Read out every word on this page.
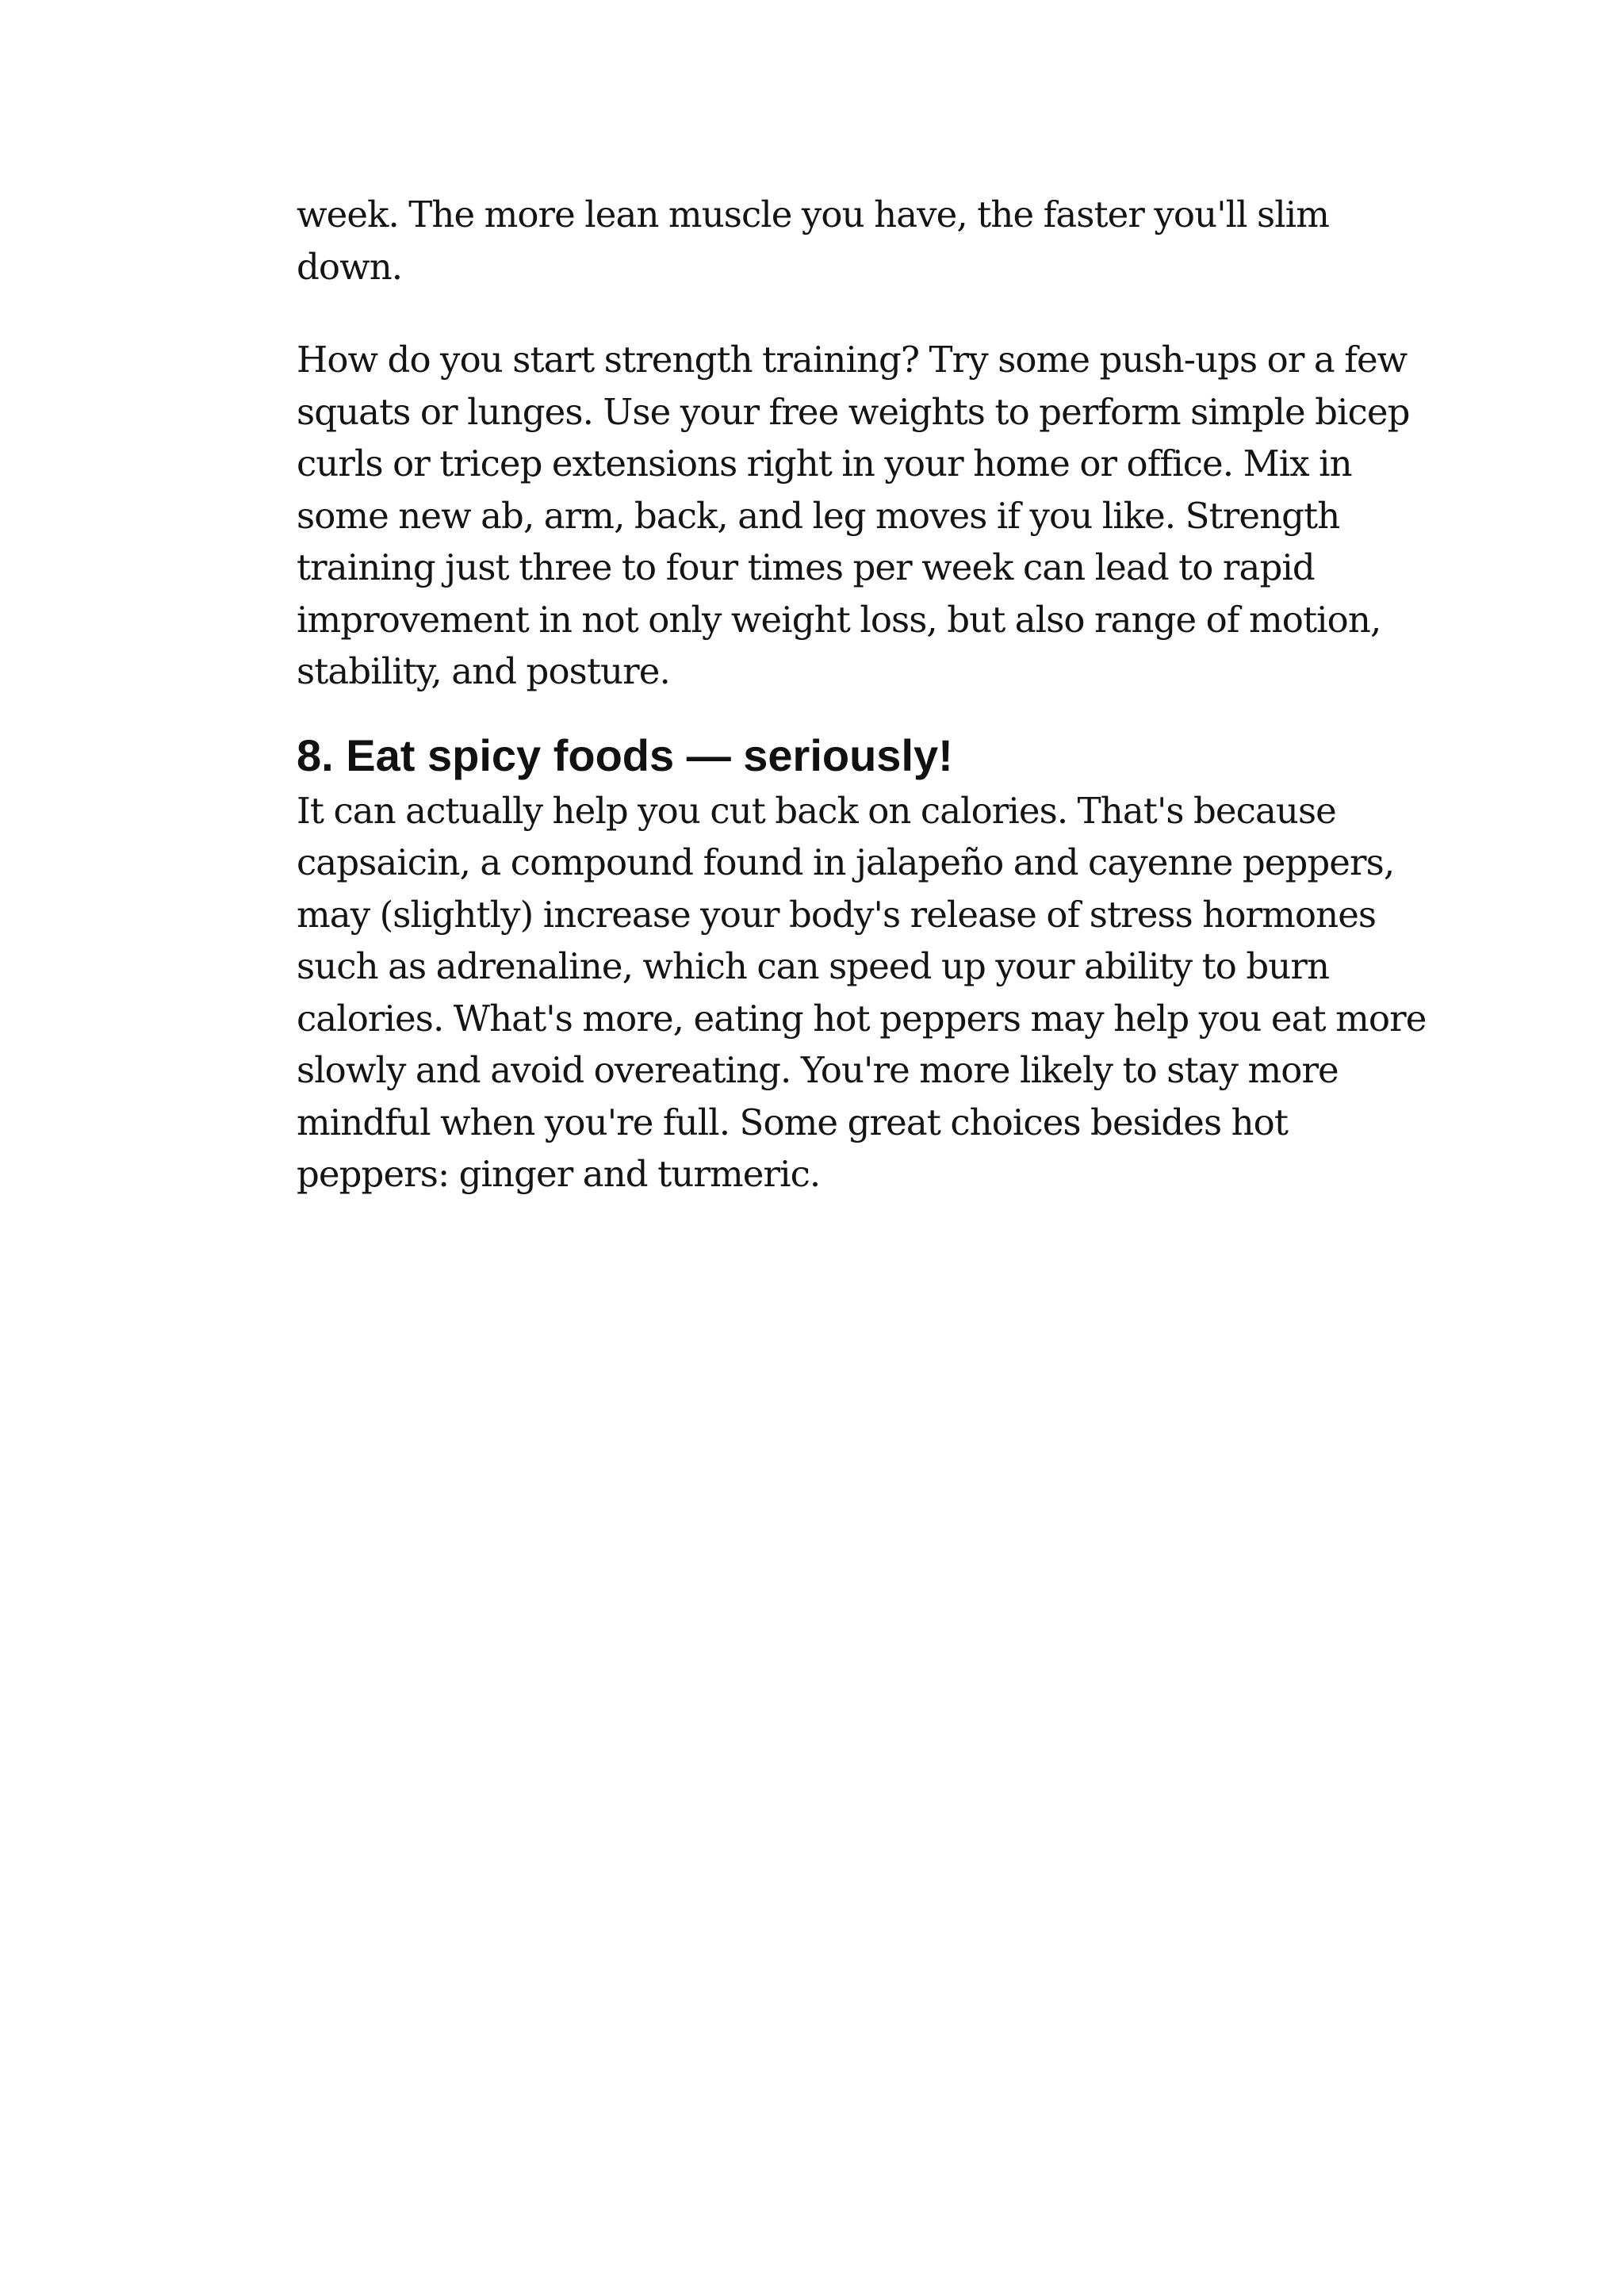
week. The more lean muscle you have, the faster you'll slim
down.

How do you start strength training? Try some push-ups or a few
squats or lunges. Use your free weights to perform simple bicep
curls or tricep extensions right in your home or office. Mix in
some new ab, arm, back, and leg moves if you like. Strength
training just three to four times per week can lead to rapid
improvement in not only weight loss, but also range of motion,
stability, and posture.

8. Eat spicy foods — seriously!

It can actually help you cut back on calories. That's because
capsaicin, a compound found in jalapeño and cayenne peppers,
may (slightly) increase your body's release of stress hormones
such as adrenaline, which can speed up your ability to burn
calories. What's more, eating hot peppers may help you eat more
slowly and avoid overeating. You're more likely to stay more
mindful when you're full. Some great choices besides hot
peppers: ginger and turmeric.
